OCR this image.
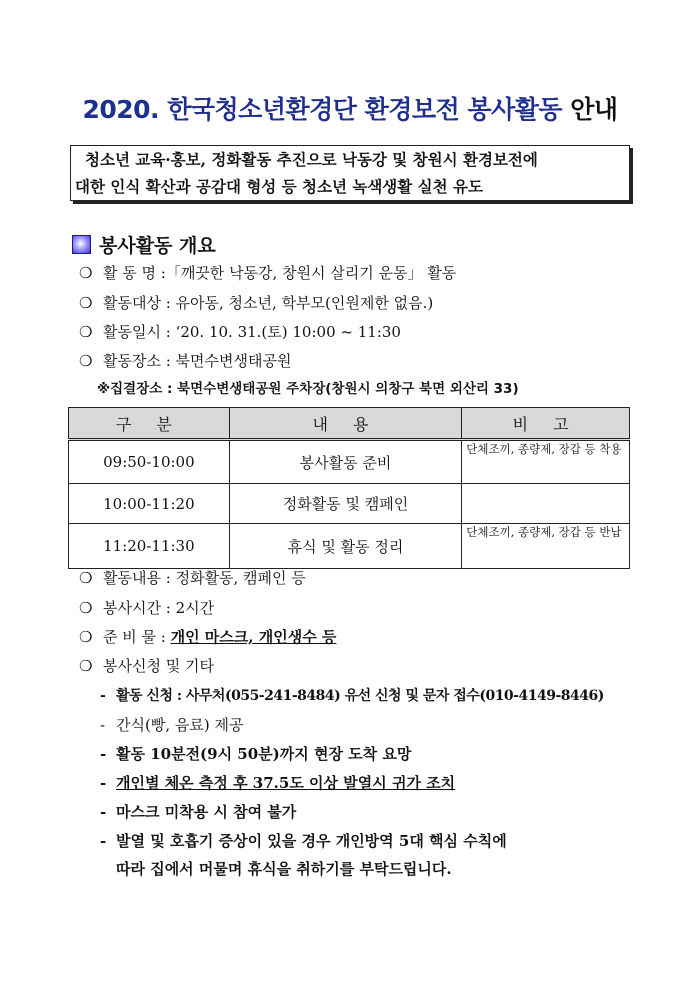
2020. 한국청소년환경단 환경보전 봉사활동 안내
청소년 교육·홍보, 정화활동 추진으로 낙동강 및 창원시 환경보전에
대한 인식 확산과 공감대 형성 등 청소년 녹색생활 실천 유도
봉사활동 개요
❍ 활 동 명 :「깨끗한 낙동강, 창원시 살리기 운동」 활동
❍ 활동대상 : 유아동, 청소년, 학부모(인원제한 없음.)
❍ 활동일시 : ‘20. 10. 31.(토) 10:00 ~ 11:30
❍ 활동장소 : 북면수변생태공원
※집결장소 : 북면수변생태공원 주차장(창원시 의창구 북면 외산리 33)
구 분	내 용	비 고
09:50-10:00	봉사활동 준비	단체조끼, 종량제, 장갑 등 착용
10:00-11:20	정화활동 및 캠페인	
11:20-11:30	휴식 및 활동 정리	단체조끼, 종량제, 장갑 등 반납
❍ 활동내용 : 정화활동, 캠페인 등
❍ 봉사시간 : 2시간
❍ 준 비 물 : 개인 마스크, 개인생수 등
❍ 봉사신청 및 기타
- 활동 신청 : 사무처(055-241-8484) 유선 신청 및 문자 접수(010-4149-8446)
- 간식(빵, 음료) 제공
- 활동 10분전(9시 50분)까지 현장 도착 요망
- 개인별 체온 측정 후 37.5도 이상 발열시 귀가 조치
- 마스크 미착용 시 참여 불가
- 발열 및 호흡기 증상이 있을 경우 개인방역 5대 핵심 수칙에
따라 집에서 머물며 휴식을 취하기를 부탁드립니다.
